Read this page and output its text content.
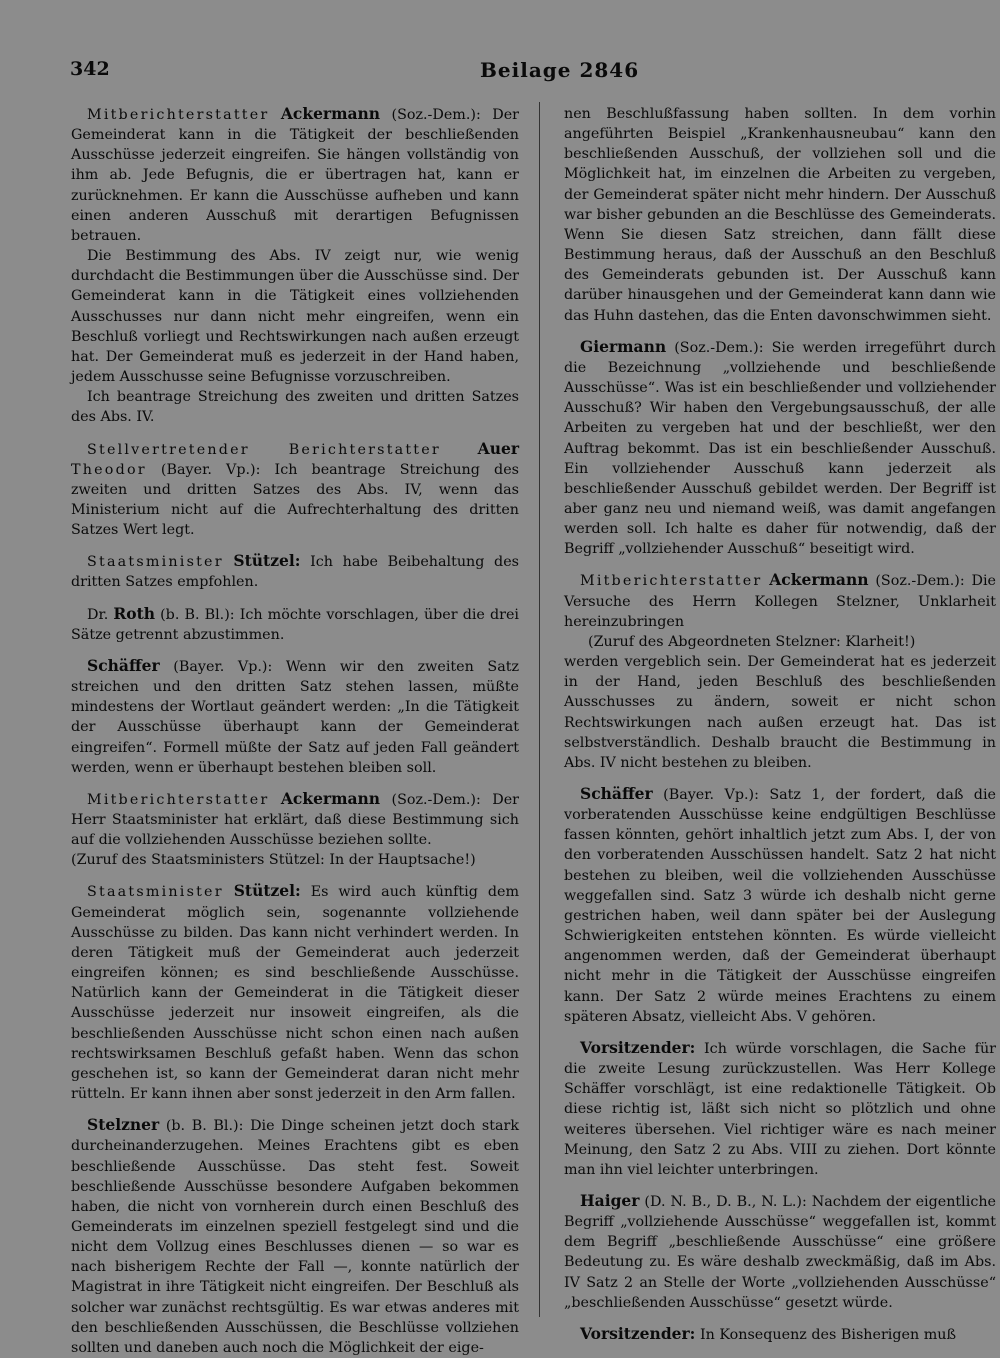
342	Beilage 2846

Mitberichterstatter Ackermann (Soz.-Dem.): Der Gemeinderat kann in die Tätigkeit der beschließenden Ausschüsse jederzeit eingreifen. Sie hängen vollständig von ihm ab. Jede Befugnis, die er übertragen hat, kann er zurücknehmen. Er kann die Ausschüsse aufheben und kann einen anderen Ausschuß mit derartigen Befugnissen betrauen.

Die Bestimmung des Abs. IV zeigt nur, wie wenig durchdacht die Bestimmungen über die Ausschüsse sind. Der Gemeinderat kann in die Tätigkeit eines vollziehenden Ausschusses nur dann nicht mehr eingreifen, wenn ein Beschluß vorliegt und Rechtswirkungen nach außen erzeugt hat. Der Gemeinderat muß es jederzeit in der Hand haben, jedem Ausschusse seine Befugnisse vorzuschreiben.

Ich beantrage Streichung des zweiten und dritten Satzes des Abs. IV.

Stellvertretender Berichterstatter Auer Theodor (Bayer. Vp.): Ich beantrage Streichung des zweiten und dritten Satzes des Abs. IV, wenn das Ministerium nicht auf die Aufrechterhaltung des dritten Satzes Wert legt.

Staatsminister Stützel: Ich habe Beibehaltung des dritten Satzes empfohlen.

Dr. Roth (b. B. Bl.): Ich möchte vorschlagen, über die drei Sätze getrennt abzustimmen.

Schäffer (Bayer. Vp.): Wenn wir den zweiten Satz streichen und den dritten Satz stehen lassen, müßte mindestens der Wortlaut geändert werden: „In die Tätigkeit der Ausschüsse überhaupt kann der Gemeinderat eingreifen“. Formell müßte der Satz auf jeden Fall geändert werden, wenn er überhaupt bestehen bleiben soll.

Mitberichterstatter Ackermann (Soz.-Dem.): Der Herr Staatsminister hat erklärt, daß diese Bestimmung sich auf die vollziehenden Ausschüsse beziehen sollte.

(Zuruf des Staatsministers Stützel: In der Hauptsache!)

Staatsminister Stützel: Es wird auch künftig dem Gemeinderat möglich sein, sogenannte vollziehende Ausschüsse zu bilden. Das kann nicht verhindert werden. In deren Tätigkeit muß der Gemeinderat auch jederzeit eingreifen können; es sind beschließende Ausschüsse. Natürlich kann der Gemeinderat in die Tätigkeit dieser Ausschüsse jederzeit nur insoweit eingreifen, als die beschließenden Ausschüsse nicht schon einen nach außen rechtswirksamen Beschluß gefaßt haben. Wenn das schon geschehen ist, so kann der Gemeinderat daran nicht mehr rütteln. Er kann ihnen aber sonst jederzeit in den Arm fallen.

Stelzner (b. B. Bl.): Die Dinge scheinen jetzt doch stark durcheinanderzugehen. Meines Erachtens gibt es eben beschließende Ausschüsse. Das steht fest. Soweit beschließende Ausschüsse besondere Aufgaben bekommen haben, die nicht von vornherein durch einen Beschluß des Gemeinderats im einzelnen speziell festgelegt sind und die nicht dem Vollzug eines Beschlusses dienen — so war es nach bisherigem Rechte der Fall —, konnte natürlich der Magistrat in ihre Tätigkeit nicht eingreifen. Der Beschluß als solcher war zunächst rechtsgültig. Es war etwas anderes mit den beschließenden Ausschüssen, die Beschlüsse vollziehen sollten und daneben auch noch die Möglichkeit der eige-

nen Beschlußfassung haben sollten. In dem vorhin angeführten Beispiel „Krankenhausneubau“ kann den beschließenden Ausschuß, der vollziehen soll und die Möglichkeit hat, im einzelnen die Arbeiten zu vergeben, der Gemeinderat später nicht mehr hindern. Der Ausschuß war bisher gebunden an die Beschlüsse des Gemeinderats. Wenn Sie diesen Satz streichen, dann fällt diese Bestimmung heraus, daß der Ausschuß an den Beschluß des Gemeinderats gebunden ist. Der Ausschuß kann darüber hinausgehen und der Gemeinderat kann dann wie das Huhn dastehen, das die Enten davonschwimmen sieht.

Giermann (Soz.-Dem.): Sie werden irregeführt durch die Bezeichnung „vollziehende und beschließende Ausschüsse“. Was ist ein beschließender und vollziehender Ausschuß? Wir haben den Vergebungsausschuß, der alle Arbeiten zu vergeben hat und der beschließt, wer den Auftrag bekommt. Das ist ein beschließender Ausschuß. Ein vollziehender Ausschuß kann jederzeit als beschließender Ausschuß gebildet werden. Der Begriff ist aber ganz neu und niemand weiß, was damit angefangen werden soll. Ich halte es daher für notwendig, daß der Begriff „vollziehender Ausschuß“ beseitigt wird.

Mitberichterstatter Ackermann (Soz.-Dem.): Die Versuche des Herrn Kollegen Stelzner, Unklarheit hereinzubringen

(Zuruf des Abgeordneten Stelzner: Klarheit!)

werden vergeblich sein. Der Gemeinderat hat es jederzeit in der Hand, jeden Beschluß des beschließenden Ausschusses zu ändern, soweit er nicht schon Rechtswirkungen nach außen erzeugt hat. Das ist selbstverständlich. Deshalb braucht die Bestimmung in Abs. IV nicht bestehen zu bleiben.

Schäffer (Bayer. Vp.): Satz 1, der fordert, daß die vorberatenden Ausschüsse keine endgültigen Beschlüsse fassen könnten, gehört inhaltlich jetzt zum Abs. I, der von den vorberatenden Ausschüssen handelt. Satz 2 hat nicht bestehen zu bleiben, weil die vollziehenden Ausschüsse weggefallen sind. Satz 3 würde ich deshalb nicht gerne gestrichen haben, weil dann später bei der Auslegung Schwierigkeiten entstehen könnten. Es würde vielleicht angenommen werden, daß der Gemeinderat überhaupt nicht mehr in die Tätigkeit der Ausschüsse eingreifen kann. Der Satz 2 würde meines Erachtens zu einem späteren Absatz, vielleicht Abs. V gehören.

Vorsitzender: Ich würde vorschlagen, die Sache für die zweite Lesung zurückzustellen. Was Herr Kollege Schäffer vorschlägt, ist eine redaktionelle Tätigkeit. Ob diese richtig ist, läßt sich nicht so plötzlich und ohne weiteres übersehen. Viel richtiger wäre es nach meiner Meinung, den Satz 2 zu Abs. VIII zu ziehen. Dort könnte man ihn viel leichter unterbringen.

Haiger (D. N. B., D. B., N. L.): Nachdem der eigentliche Begriff „vollziehende Ausschüsse“ weggefallen ist, kommt dem Begriff „beschließende Ausschüsse“ eine größere Bedeutung zu. Es wäre deshalb zweckmäßig, daß im Abs. IV Satz 2 an Stelle der Worte „vollziehenden Ausschüsse“ „beschließenden Ausschüsse“ gesetzt würde.

Vorsitzender: In Konsequenz des Bisherigen muß
